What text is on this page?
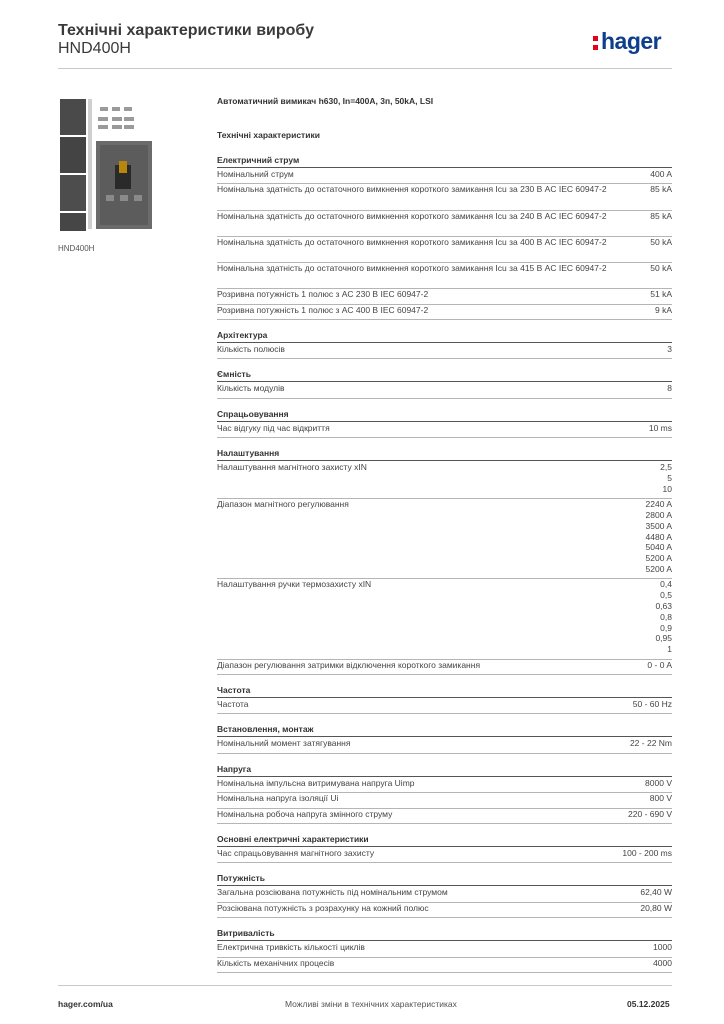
Технічні характеристики виробу
HND400H	hager
HND400H
Автоматичний вимикач h630, In=400A, 3п, 50kA, LSI
Технічні характеристики
Електричний струм
Номінальний струм	400 A
Номінальна здатність до остаточного вимкнення короткого замикання Icu за 230 В AC IEC 60947-2	85 kA
Номінальна здатність до остаточного вимкнення короткого замикання Icu за 240 В AC IEC 60947-2	85 kA
Номінальна здатність до остаточного вимкнення короткого замикання Icu за 400 В AC IEC 60947-2	50 kA
Номінальна здатність до остаточного вимкнення короткого замикання Icu за 415 В AC IEC 60947-2	50 kA
Розривна потужність 1 полюс з AC 230 В IEC 60947-2	51 kA
Розривна потужність 1 полюс з AC 400 В IEC 60947-2	9 kA
Архітектура
Кількість полюсів	3
Ємність
Кількість модулів	8
Спрацьовування
Час відгуку під час відкриття	10 ms
Налаштування
Налаштування магнітного захисту xIN	2,5
5
10
Діапазон магнітного регулювання	2240 A
2800 A
3500 A
4480 A
5040 A
5200 A
5200 A
Налаштування ручки термозахисту xIN	0,4
0,5
0,63
0,8
0,9
0,95
1
Діапазон регулювання затримки відключення короткого замикання	0 - 0 A
Частота
Частота	50 - 60 Hz
Встановлення, монтаж
Номінальний момент затягування	22 - 22 Nm
Напруга
Номінальна імпульсна витримувана напруга Uimp	8000 V
Номінальна напруга ізоляції Ui	800 V
Номінальна робоча напруга змінного струму	220 - 690 V
Основні електричні характеристики
Час спрацьовування магнітного захисту	100 - 200 ms
Потужність
Загальна розсіювана потужність під номінальним струмом	62,40 W
Розсіювана потужність з розрахунку на кожний полюс	20,80 W
Витривалість
Електрична тривкість кількості циклів	1000
Кількість механічних процесів	4000
hager.com/ua	Можливі зміни в технічних характеристиках	05.12.2025
